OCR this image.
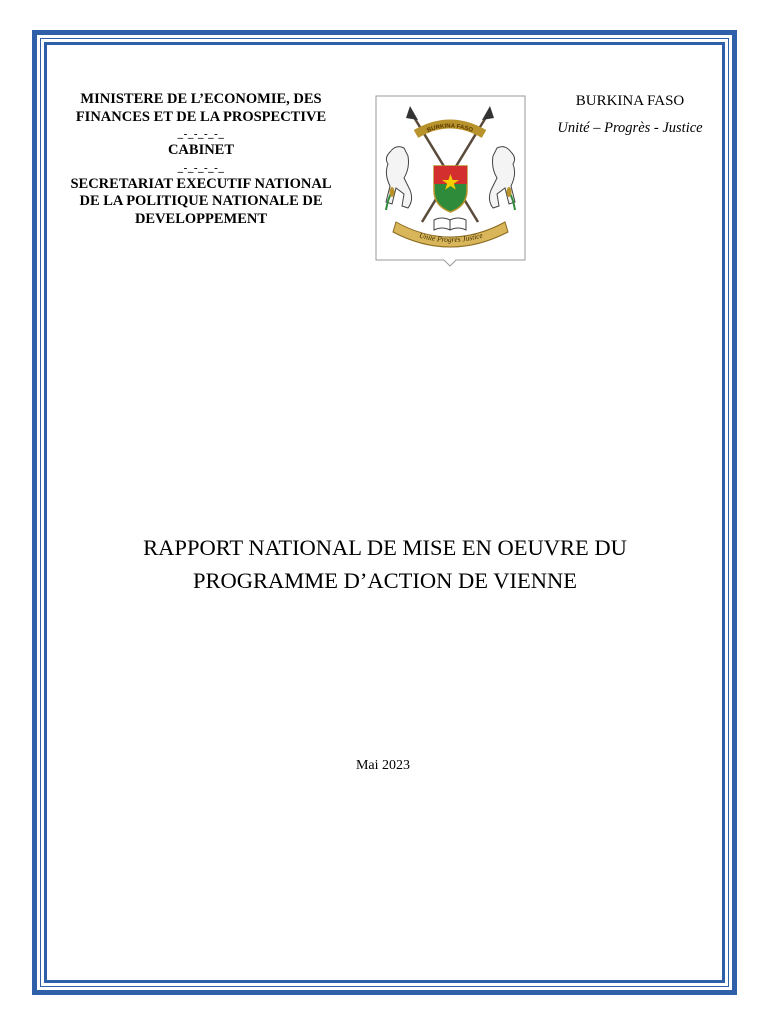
MINISTERE DE L’ECONOMIE, DES
FINANCES ET DE LA PROSPECTIVE
_-_-_-_-_
CABINET
_-_-_-_-_
SECRETARIAT EXECUTIF NATIONAL
DE LA POLITIQUE NATIONALE DE
DEVELOPPEMENT
BURKINA FASO
Unité Progrès Justice
BURKINA FASO
Unité – Progrès - Justice
RAPPORT NATIONAL DE MISE EN OEUVRE DU
PROGRAMME D’ACTION DE VIENNE
Mai 2023
